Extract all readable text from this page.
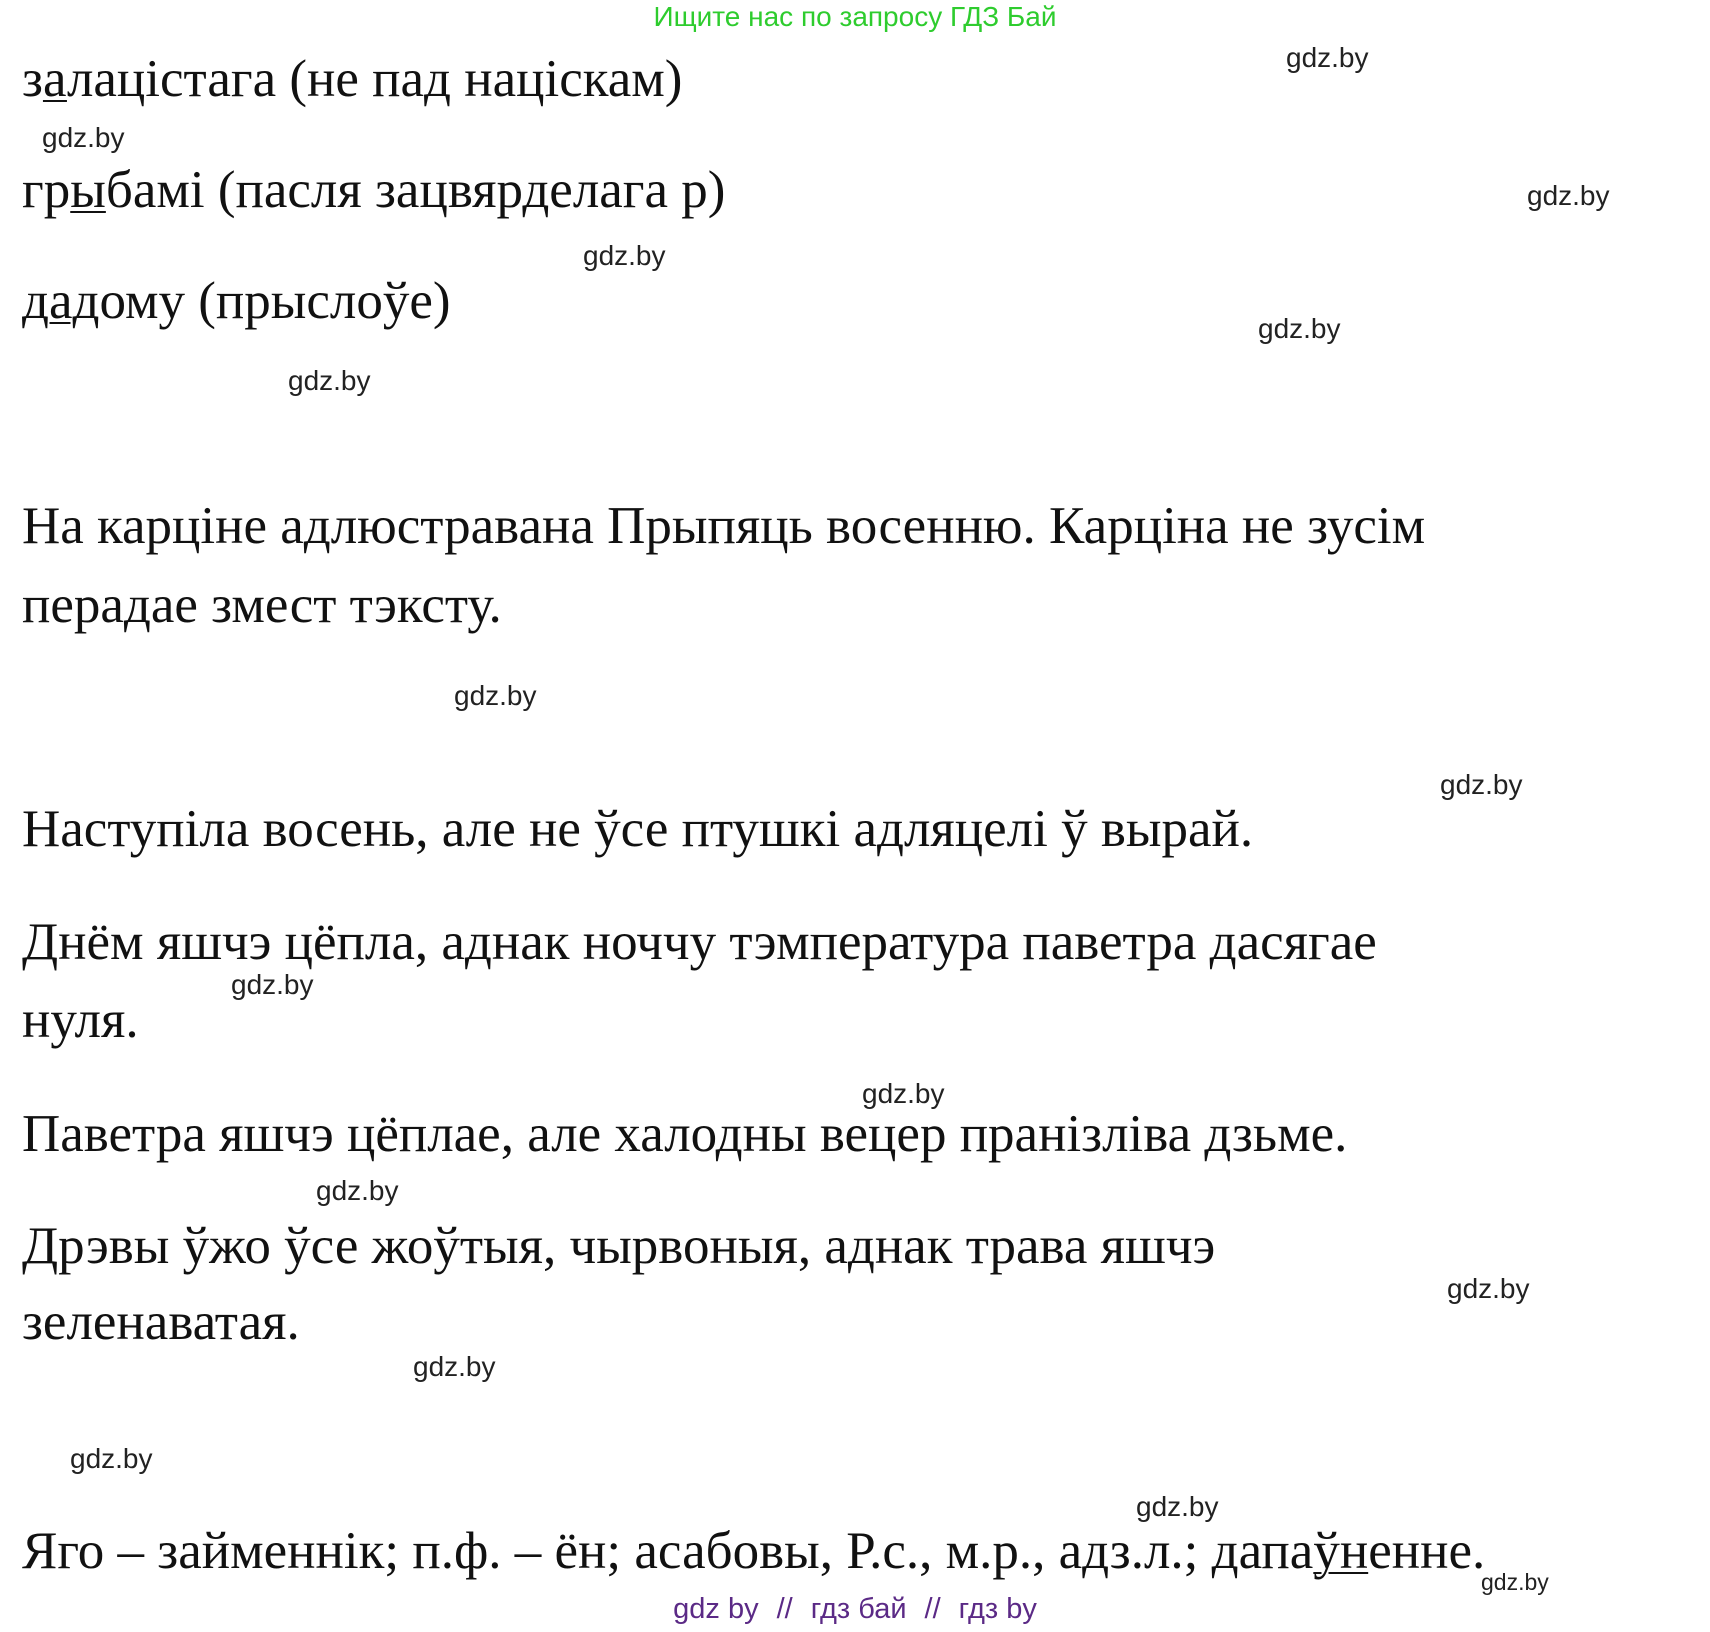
Ищите нас по запросу ГДЗ Бай
залацістага (не пад націскам)
грыбамі (пасля зацвярделага р)
дадому (прыслоўе)
На карціне адлюстравана Прыпяць восенню. Карціна не зусім
перадае змест тэксту.
Наступіла восень, але не ўсе птушкі адляцелі ў вырай.
Днём яшчэ цёпла, аднак ноччу тэмпература паветра дасягае
нуля.
Паветра яшчэ цёплае, але халодны вецер пранізліва дзьме.
Дрэвы ўжо ўсе жоўтыя, чырвоныя, аднак трава яшчэ
зеленаватая.
Яго – займеннік; п.ф. – ён; асабовы, Р.с., м.р., адз.л.; дапаўненне.
gdz.by
gdz.by
gdz.by
gdz.by
gdz.by
gdz.by
gdz.by
gdz.by
gdz.by
gdz.by
gdz.by
gdz.by
gdz.by
gdz.by
gdz.by
gdz.by
gdz by // гдз бай // гдз by
